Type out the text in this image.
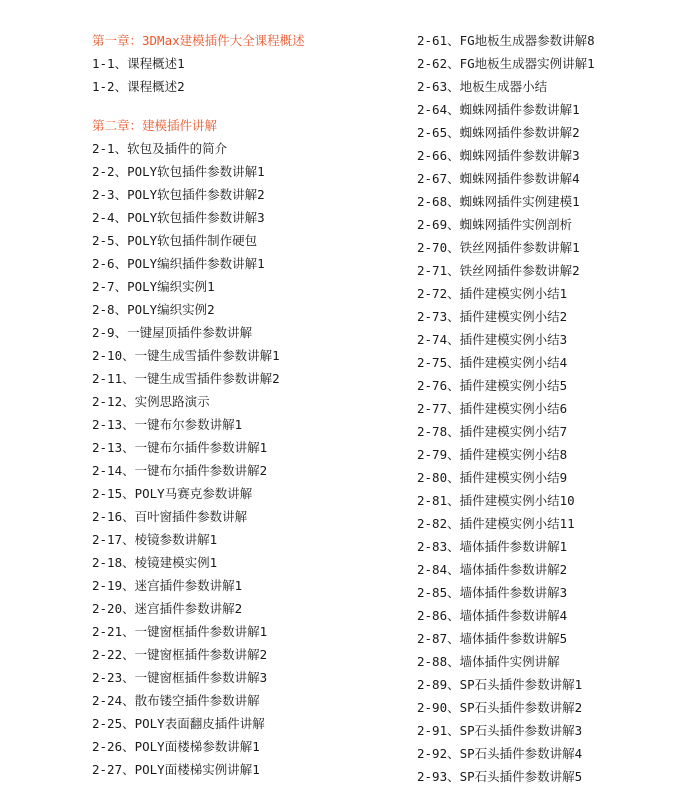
第一章：3DMax建模插件大全课程概述
1-1、课程概述1
1-2、课程概述2
第二章：建模插件讲解
2-1、软包及插件的简介
2-2、POLY软包插件参数讲解1
2-3、POLY软包插件参数讲解2
2-4、POLY软包插件参数讲解3
2-5、POLY软包插件制作硬包
2-6、POLY编织插件参数讲解1
2-7、POLY编织实例1
2-8、POLY编织实例2
2-9、一键屋顶插件参数讲解
2-10、一键生成雪插件参数讲解1
2-11、一键生成雪插件参数讲解2
2-12、实例思路演示
2-13、一键布尔参数讲解1
2-13、一键布尔插件参数讲解1
2-14、一键布尔插件参数讲解2
2-15、POLY马赛克参数讲解
2-16、百叶窗插件参数讲解
2-17、棱镜参数讲解1
2-18、棱镜建模实例1
2-19、迷宫插件参数讲解1
2-20、迷宫插件参数讲解2
2-21、一键窗框插件参数讲解1
2-22、一键窗框插件参数讲解2
2-23、一键窗框插件参数讲解3
2-24、散布镂空插件参数讲解
2-25、POLY表面翻皮插件讲解
2-26、POLY面楼梯参数讲解1
2-27、POLY面楼梯实例讲解1
2-61、FG地板生成器参数讲解8
2-62、FG地板生成器实例讲解1
2-63、地板生成器小结
2-64、蜘蛛网插件参数讲解1
2-65、蜘蛛网插件参数讲解2
2-66、蜘蛛网插件参数讲解3
2-67、蜘蛛网插件参数讲解4
2-68、蜘蛛网插件实例建模1
2-69、蜘蛛网插件实例剖析
2-70、铁丝网插件参数讲解1
2-71、铁丝网插件参数讲解2
2-72、插件建模实例小结1
2-73、插件建模实例小结2
2-74、插件建模实例小结3
2-75、插件建模实例小结4
2-76、插件建模实例小结5
2-77、插件建模实例小结6
2-78、插件建模实例小结7
2-79、插件建模实例小结8
2-80、插件建模实例小结9
2-81、插件建模实例小结10
2-82、插件建模实例小结11
2-83、墙体插件参数讲解1
2-84、墙体插件参数讲解2
2-85、墙体插件参数讲解3
2-86、墙体插件参数讲解4
2-87、墙体插件参数讲解5
2-88、墙体插件实例讲解
2-89、SP石头插件参数讲解1
2-90、SP石头插件参数讲解2
2-91、SP石头插件参数讲解3
2-92、SP石头插件参数讲解4
2-93、SP石头插件参数讲解5
